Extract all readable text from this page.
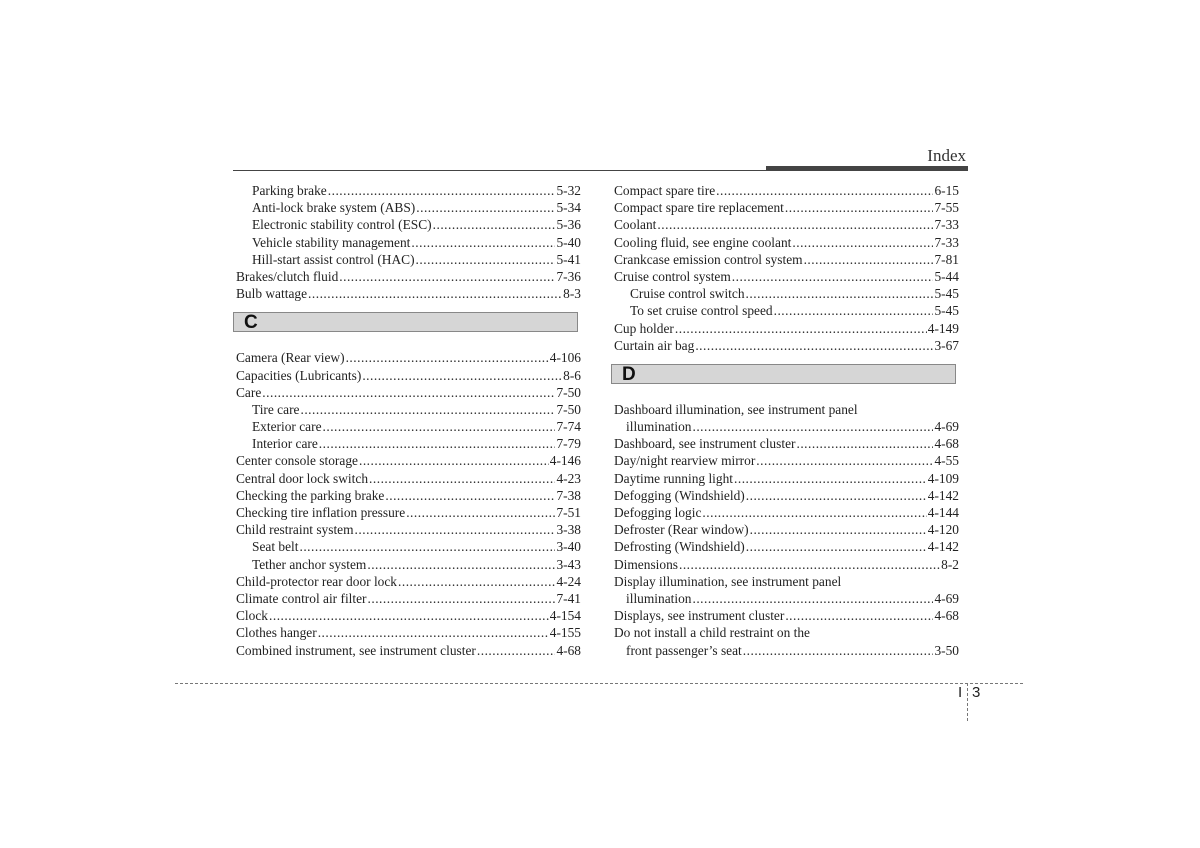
Index
Parking brake .....	5-32
Anti-lock brake system (ABS) .....	5-34
Electronic stability control (ESC) .....	5-36
Vehicle stability management .....	5-40
Hill-start assist control (HAC) .....	5-41
Brakes/clutch fluid .....	7-36
Bulb wattage .....	8-3
C
Camera (Rear view) .....	4-106
Capacities (Lubricants) .....	8-6
Care .....	7-50
Tire care .....	7-50
Exterior care .....	7-74
Interior care .....	7-79
Center console storage .....	4-146
Central door lock switch .....	4-23
Checking the parking brake .....	7-38
Checking tire inflation pressure .....	7-51
Child restraint system .....	3-38
Seat belt .....	3-40
Tether anchor system .....	3-43
Child-protector rear door lock .....	4-24
Climate control air filter .....	7-41
Clock .....	4-154
Clothes hanger .....	4-155
Combined instrument, see instrument cluster .....	4-68
Compact spare tire .....	6-15
Compact spare tire replacement .....	7-55
Coolant .....	7-33
Cooling fluid, see engine coolant .....	7-33
Crankcase emission control system .....	7-81
Cruise control system .....	5-44
Cruise control switch .....	5-45
To set cruise control speed .....	5-45
Cup holder .....	4-149
Curtain air bag .....	3-67
D
Dashboard illumination, see instrument panel
illumination .....	4-69
Dashboard, see instrument cluster .....	4-68
Day/night rearview mirror .....	4-55
Daytime running light .....	4-109
Defogging (Windshield) .....	4-142
Defogging logic .....	4-144
Defroster (Rear window) .....	4-120
Defrosting (Windshield) .....	4-142
Dimensions .....	8-2
Display illumination, see instrument panel
illumination .....	4-69
Displays, see instrument cluster .....	4-68
Do not install a child restraint on the
front passenger’s seat .....	3-50
I 3
